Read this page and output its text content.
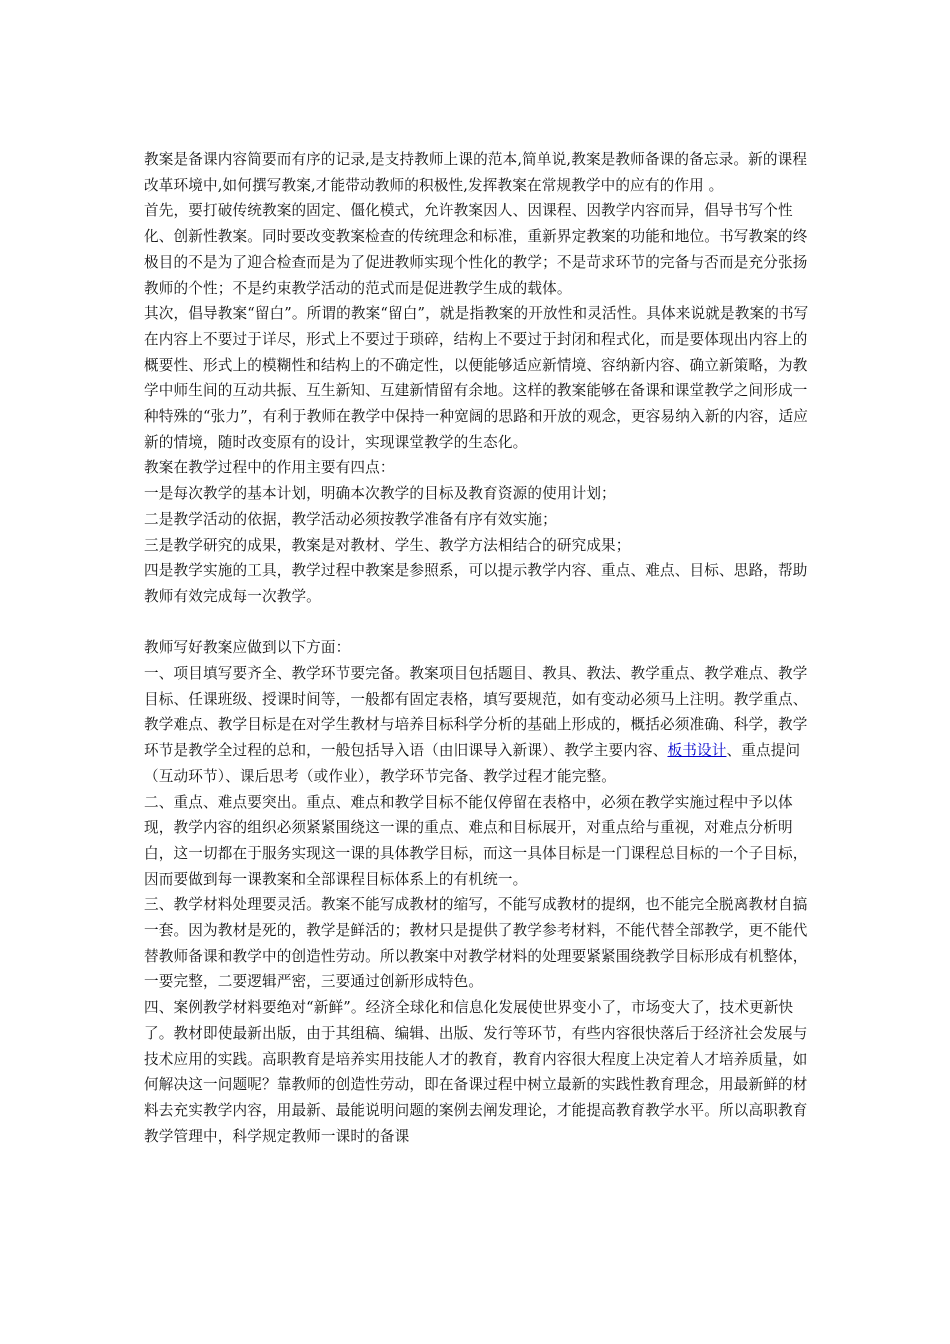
教案是备课内容简要而有序的记录,是支持教师上课的范本,简单说,教案是教师备课的备忘录。新的课程改革环境中,如何撰写教案,才能带动教师的积极性,发挥教案在常规教学中的应有的作用 。

首先，要打破传统教案的固定、僵化模式，允许教案因人、因课程、因教学内容而异，倡导书写个性化、创新性教案。同时要改变教案检查的传统理念和标准，重新界定教案的功能和地位。书写教案的终极目的不是为了迎合检查而是为了促进教师实现个性化的教学；不是苛求环节的完备与否而是充分张扬教师的个性；不是约束教学活动的范式而是促进教学生成的载体。

其次，倡导教案“留白”。所谓的教案“留白”，就是指教案的开放性和灵活性。具体来说就是教案的书写在内容上不要过于详尽，形式上不要过于琐碎，结构上不要过于封闭和程式化，而是要体现出内容上的概要性、形式上的模糊性和结构上的不确定性，以便能够适应新情境、容纳新内容、确立新策略，为教学中师生间的互动共振、互生新知、互建新情留有余地。这样的教案能够在备课和课堂教学之间形成一种特殊的“张力”，有利于教师在教学中保持一种宽阔的思路和开放的观念，更容易纳入新的内容，适应新的情境，随时改变原有的设计，实现课堂教学的生态化。

教案在教学过程中的作用主要有四点：

一是每次教学的基本计划，明确本次教学的目标及教育资源的使用计划；

二是教学活动的依据，教学活动必须按教学准备有序有效实施；

三是教学研究的成果，教案是对教材、学生、教学方法相结合的研究成果；

四是教学实施的工具，教学过程中教案是参照系，可以提示教学内容、重点、难点、目标、思路，帮助教师有效完成每一次教学。

教师写好教案应做到以下方面：

一、项目填写要齐全、教学环节要完备。教案项目包括题目、教具、教法、教学重点、教学难点、教学目标、任课班级、授课时间等，一般都有固定表格，填写要规范，如有变动必须马上注明。教学重点、教学难点、教学目标是在对学生教材与培养目标科学分析的基础上形成的，概括必须准确、科学，教学环节是教学全过程的总和，一般包括导入语（由旧课导入新课）、教学主要内容、板书设计、重点提问（互动环节）、课后思考（或作业），教学环节完备、教学过程才能完整。

二、重点、难点要突出。重点、难点和教学目标不能仅停留在表格中，必须在教学实施过程中予以体现，教学内容的组织必须紧紧围绕这一课的重点、难点和目标展开，对重点给与重视，对难点分析明白，这一切都在于服务实现这一课的具体教学目标，而这一具体目标是一门课程总目标的一个子目标，因而要做到每一课教案和全部课程目标体系上的有机统一。

三、教学材料处理要灵活。教案不能写成教材的缩写，不能写成教材的提纲，也不能完全脱离教材自搞一套。因为教材是死的，教学是鲜活的；教材只是提供了教学参考材料，不能代替全部教学，更不能代替教师备课和教学中的创造性劳动。所以教案中对教学材料的处理要紧紧围绕教学目标形成有机整体，一要完整，二要逻辑严密，三要通过创新形成特色。

四、案例教学材料要绝对“新鲜”。经济全球化和信息化发展使世界变小了，市场变大了，技术更新快了。教材即使最新出版，由于其组稿、编辑、出版、发行等环节，有些内容很快落后于经济社会发展与技术应用的实践。高职教育是培养实用技能人才的教育，教育内容很大程度上决定着人才培养质量，如何解决这一问题呢？靠教师的创造性劳动，即在备课过程中树立最新的实践性教育理念，用最新鲜的材料去充实教学内容，用最新、最能说明问题的案例去阐发理论，才能提高教育教学水平。所以高职教育教学管理中，科学规定教师一课时的备课
